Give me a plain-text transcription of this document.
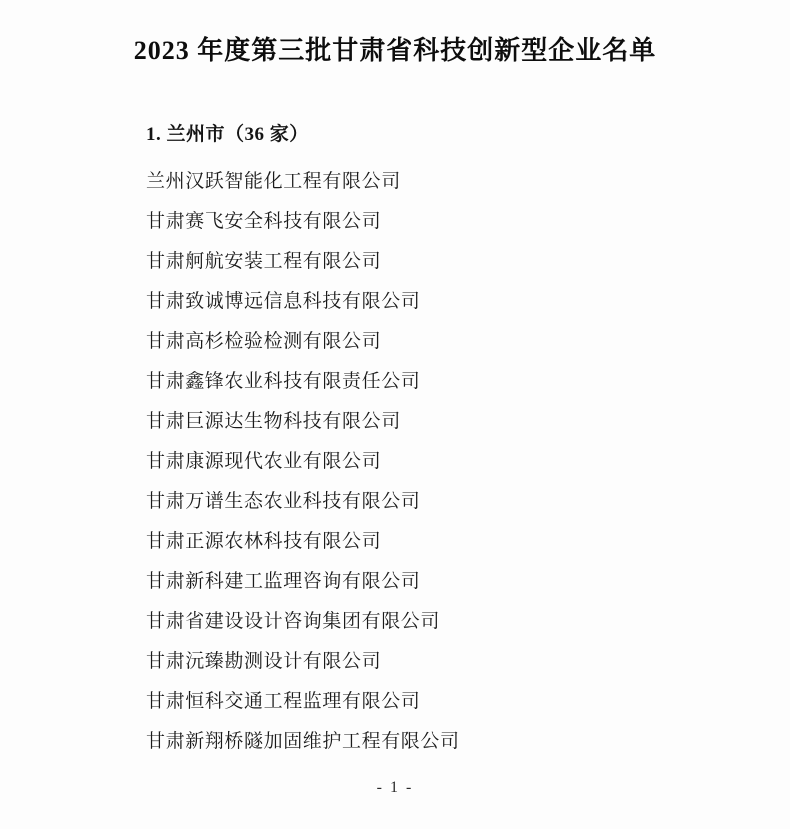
2023 年度第三批甘肃省科技创新型企业名单
1. 兰州市（36 家）
兰州汉跃智能化工程有限公司
甘肃赛飞安全科技有限公司
甘肃舸航安装工程有限公司
甘肃致诚博远信息科技有限公司
甘肃高杉检验检测有限公司
甘肃鑫锋农业科技有限责任公司
甘肃巨源达生物科技有限公司
甘肃康源现代农业有限公司
甘肃万谱生态农业科技有限公司
甘肃正源农林科技有限公司
甘肃新科建工监理咨询有限公司
甘肃省建设设计咨询集团有限公司
甘肃沅臻勘测设计有限公司
甘肃恒科交通工程监理有限公司
甘肃新翔桥隧加固维护工程有限公司
- 1 -
